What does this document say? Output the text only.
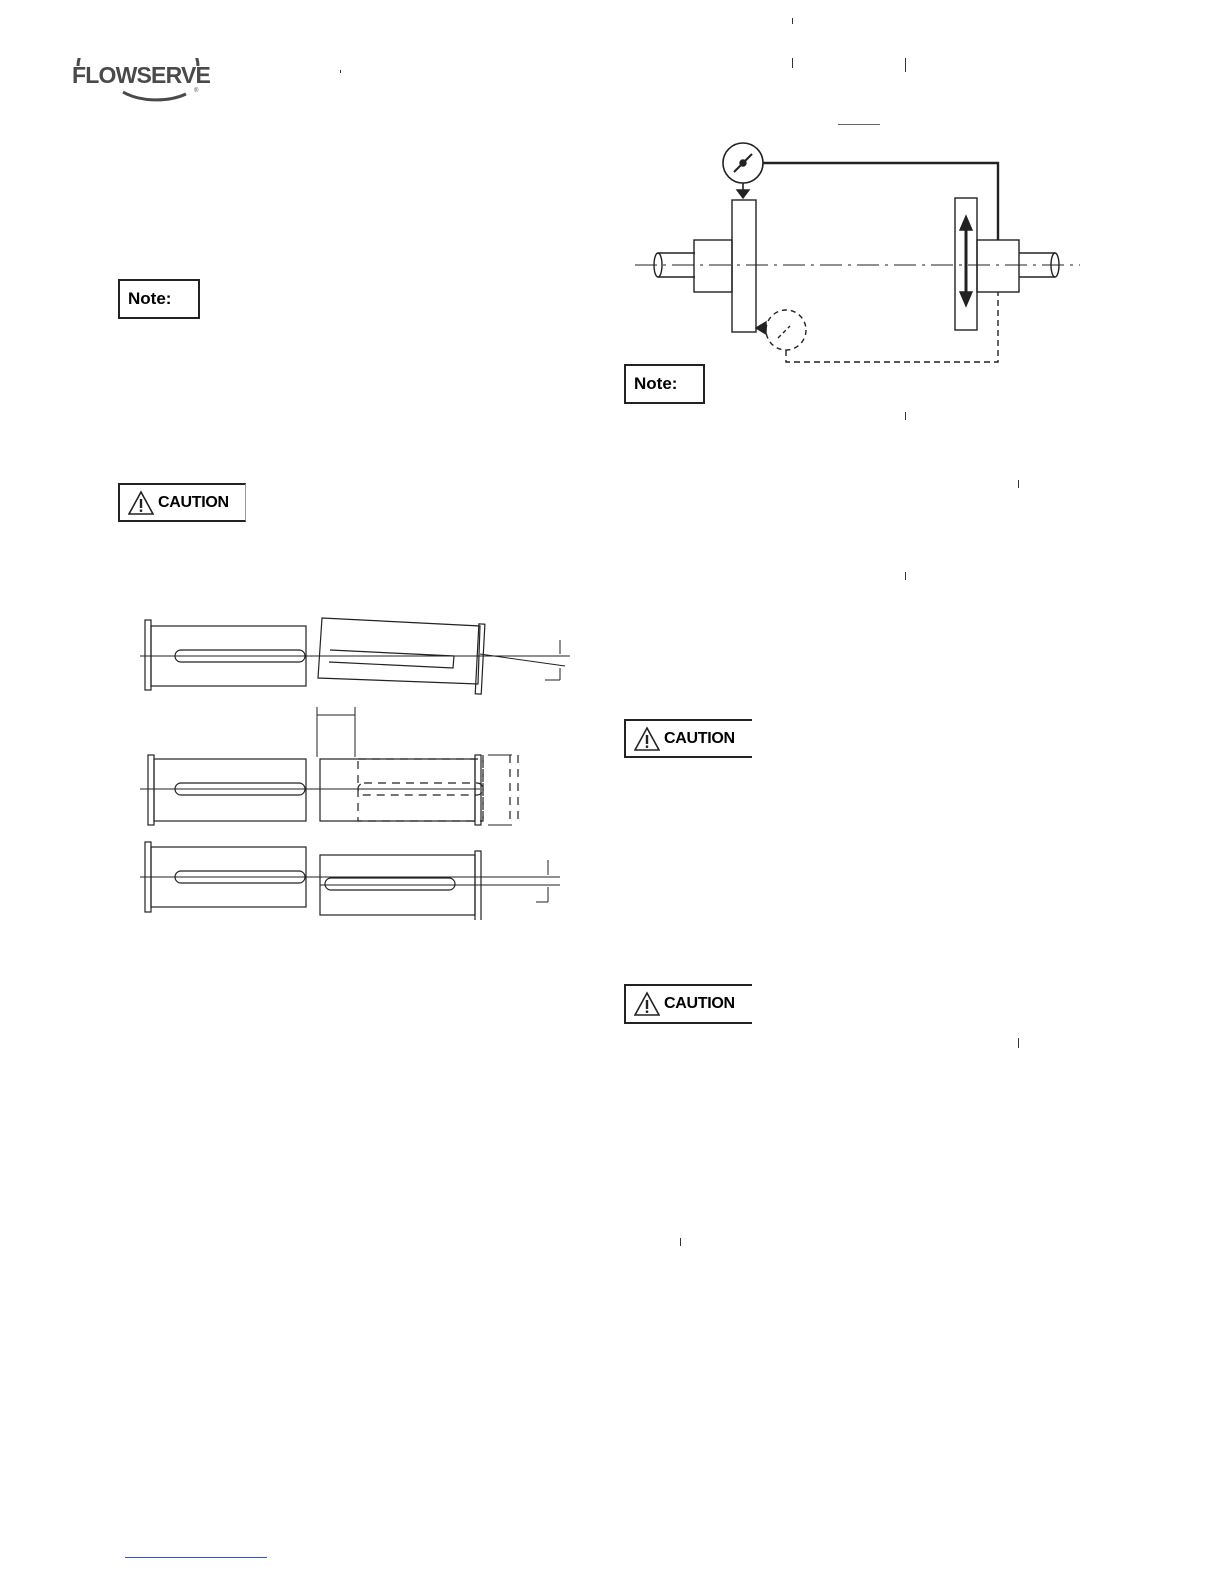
FLOWSERVE
®
Note:
CAUTION
Note:
CAUTION
CAUTION
